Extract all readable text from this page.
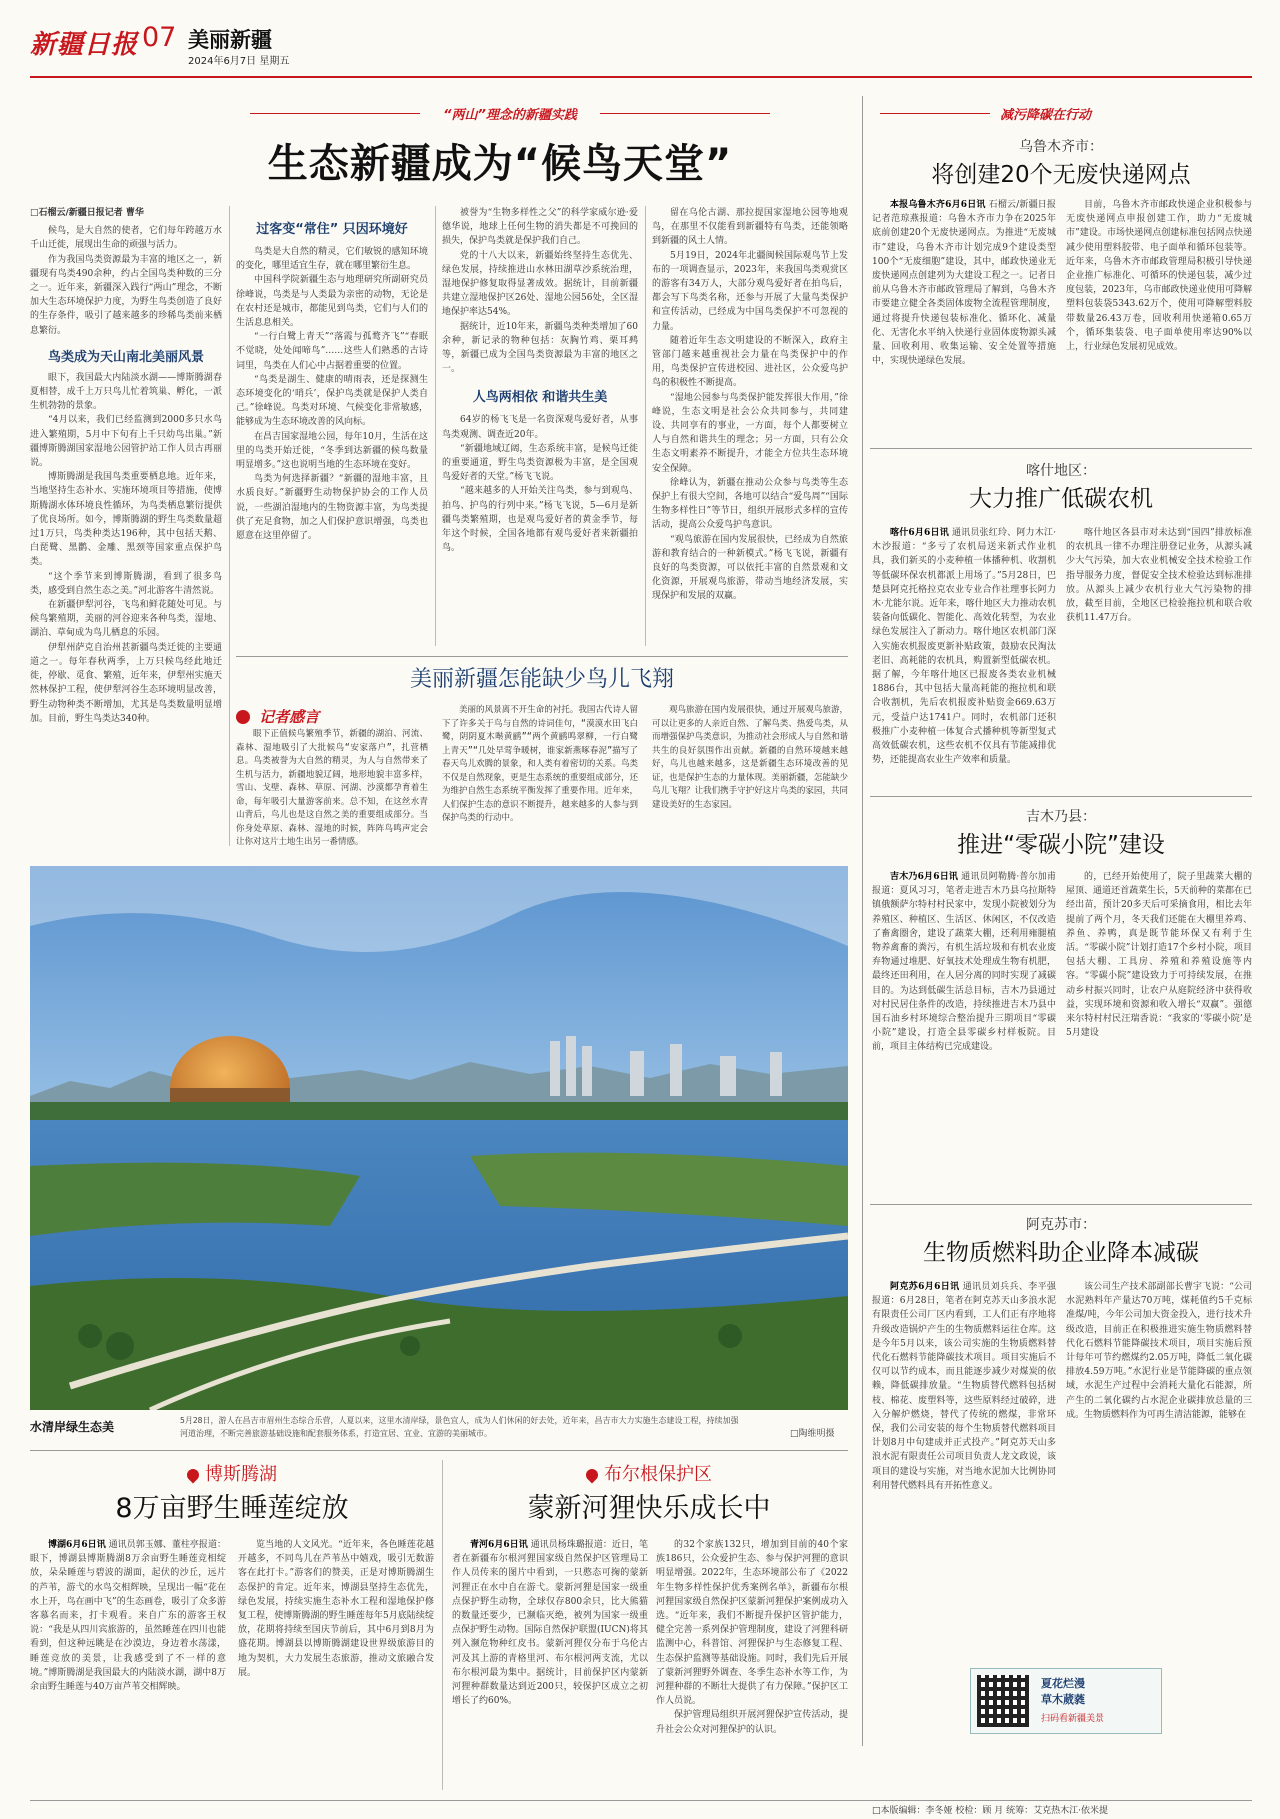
新疆日报 07 美丽新疆
2024年6月7日 星期五
“两山”理念的新疆实践
生态新疆成为“候鸟天堂”
□石榴云/新疆日报记者 曹华

候鸟，是大自然的使者，它们每年跨越万水千山迁徙，展现出生命的顽强与活力。

作为我国鸟类资源最为丰富的地区之一，新疆现有鸟类490余种，约占全国鸟类种数的三分之一。近年来，新疆深入践行“两山”理念，不断加大生态环境保护力度，为野生鸟类创造了良好的生存条件，吸引了越来越多的珍稀鸟类前来栖息繁衍。

鸟类成为天山南北美丽风景

眼下，我国最大内陆淡水湖——博斯腾湖春夏相替，成千上万只鸟儿忙着筑巢、孵化，一派生机勃勃的景象。

“4月以来，我们已经监测到2000多只水鸟进入繁殖期，5月中下旬有上千只幼鸟出巢。”新疆博斯腾湖国家湿地公园管护站工作人员古再丽说。

博斯腾湖是我国鸟类重要栖息地。近年来，当地坚持生态补水、实施环境项目等措施，使博斯腾湖水体环境良性循环，为鸟类栖息繁衍提供了优良场所。如今，博斯腾湖的野生鸟类数量超过1万只，鸟类种类达196种，其中包括天鹅、白琵鹭、黑鹳、金雕、黑颈等国家重点保护鸟类。

“这个季节来到博斯腾湖，看到了很多鸟类，感受到自然生态之美。”河北游客牛清然说。

在新疆伊犁河谷，飞鸟和鲜花随处可见。与候鸟繁殖期，美丽的河谷迎来各种鸟类，湿地、湖泊、草甸成为鸟儿栖息的乐园。

伊犁州萨克自治州甚新疆鸟类迁徙的主要通道之一。每年春秋两季，上万只候鸟经此地迁徙，停歇、觅食、繁殖，近年来，伊犁州实施天然林保护工程，使伊犁河谷生态环境明显改善，野生动物种类不断增加，尤其是鸟类数量明显增加。目前，野生鸟类达340种。

过客变“常住” 只因环境好

鸟类是大自然的精灵，它们敏锐的感知环境的变化，哪里适宜生存，就在哪里繁衍生息。

中国科学院新疆生态与地理研究所副研究员徐峰说，鸟类是与人类最为亲密的动物，无论是在农村还是城市，都能见到鸟类，它们与人们的生活息息相关。

“一行白鹭上青天”“落霞与孤鹜齐飞”“春眠不觉晓，处处闻啼鸟”……这些人们熟悉的古诗词里，鸟类在人们心中占据着重要的位置。

“鸟类是湖生、健康的晴雨表，还是探测生态环境变化的‘哨兵’，保护鸟类就是保护人类自己。”徐峰说。鸟类对环境、气候变化非常敏感，能够成为生态环境改善的风向标。

在昌吉国家湿地公园，每年10月，生活在这里的鸟类开始迁徙，“冬季到达新疆的候鸟数量明显增多。”这也说明当地的生态环境在变好。

鸟类为何选择新疆？“新疆的湿地丰富，且水质良好。”新疆野生动物保护协会的工作人员说，一些湖泊湿地内的生物资源丰富，为鸟类提供了充足食物，加之人们保护意识增强，鸟类也愿意在这里停留了。

被誉为“生物多样性之父”的科学家威尔逊·爱德华说，地球上任何生物的消失都是不可挽回的损失，保护鸟类就是保护我们自己。

党的十八大以来，新疆始终坚持生态优先、绿色发展，持续推进山水林田湖草沙系统治理，湿地保护修复取得显著成效。据统计，目前新疆共建立湿地保护区26处、湿地公园56处，全区湿地保护率达54%。

据统计，近10年来，新疆鸟类种类增加了60余种，新记录的物种包括：灰胸竹鸡、栗耳鹀等，新疆已成为全国鸟类资源最为丰富的地区之一。

人鸟两相依 和谐共生美

64岁的杨飞飞是一名资深观鸟爱好者，从事鸟类观测、调查近20年。

“新疆地域辽阔，生态系统丰富，是候鸟迁徙的重要通道，野生鸟类资源极为丰富，是全国观鸟爱好者的天堂。”杨飞飞说。

“越来越多的人开始关注鸟类，参与到观鸟、拍鸟、护鸟的行列中来。”杨飞飞说，5—6月是新疆鸟类繁殖期，也是观鸟爱好者的黄金季节，每年这个时候，全国各地都有观鸟爱好者来新疆拍鸟。

留在乌伦古湖、那拉提国家湿地公园等地观鸟，在那里不仅能看到新疆特有鸟类，还能领略到新疆的风土人情。

5月19日，2024年北疆闽候国际观鸟节上发布的一项调查显示，2023年，来我国鸟类观赏区的游客有34万人，大部分观鸟爱好者在拍鸟后，都会写下鸟类名称，还参与开展了大量鸟类保护和宣传活动，已经成为中国鸟类保护不可忽视的力量。

随着近年生态文明建设的不断深入，政府主管部门越来越重视社会力量在鸟类保护中的作用，鸟类保护宣传进校园、进社区，公众爱鸟护鸟的积极性不断提高。

“湿地公园参与鸟类保护能发挥很大作用，”徐峰说，生态文明是社会公众共同参与，共同建设、共同享有的事业，一方面，每个人都要树立人与自然和谐共生的理念；另一方面，只有公众生态文明素养不断提升，才能全方位共生态环境安全保障。

徐峰认为，新疆在推动公众参与鸟类等生态保护上有很大空间，各地可以结合“爱鸟周”“国际生物多样性日”等节日，组织开展形式多样的宣传活动，提高公众爱鸟护鸟意识。

“观鸟旅游在国内发展很快，已经成为自然旅游和教育结合的一种新模式。”杨飞飞说，新疆有良好的鸟类资源，可以依托丰富的自然景观和文化资源，开展观鸟旅游，带动当地经济发展，实现保护和发展的双赢。

美丽新疆怎能缺少鸟儿飞翔
记者感言

眼下正值候鸟繁殖季节，新疆的湖泊、河流、森林、湿地吸引了大批候鸟“安家落户”，扎营栖息。鸟类被誉为大自然的精灵，为人与自然带来了生机与活力，新疆地貌辽阔，地形地貌丰富多样，雪山、戈壁、森林、草原、河湖、沙漠都孕育着生命，每年吸引大量游客前来。总不知，在这丝水青山背后，鸟儿也是这自然之美的重要组成部分。当你身处草原、森林、湿地的时候，阵阵鸟鸣声定会让你对这片土地生出另一番情感。

美丽的风景离不开生命的衬托。我国古代诗人留下了许多关于鸟与自然的诗词佳句，“漠漠水田飞白鹭，阴阴夏木啭黄鹂”“两个黄鹂鸣翠柳，一行白鹭上青天”“几处早莺争暖树，谁家新燕啄春泥”描写了春天鸟儿欢腾的景象，和人类有着密切的关系。鸟类不仅是自然现象，更是生态系统的重要组成部分，还为维护自然生态系统平衡发挥了重要作用。近年来，人们保护生态的意识不断提升，越来越多的人参与到保护鸟类的行动中。

观鸟旅游在国内发展很快，通过开展观鸟旅游，可以让更多的人亲近自然、了解鸟类、热爱鸟类，从而增强保护鸟类意识，为推动社会形成人与自然和谐共生的良好氛围作出贡献。新疆的自然环境越来越好，鸟儿也越来越多，这是新疆生态环境改善的见证，也是保护生态的力量体现。美丽新疆，怎能缺少鸟儿飞翔？让我们携手守护好这片鸟类的家园，共同建设美好的生态家园。

减污降碳在行动
乌鲁木齐市：
将创建20个无废快递网点

本报乌鲁木齐6月6日讯 石榴云/新疆日报记者范琼燕报道：乌鲁木齐市力争在2025年底前创建20个无废快递网点。为推进“无废城市”建设，乌鲁木齐市计划完成9个建设类型100个“无废细胞”建设，其中，邮政快递业无废快递网点创建列为大建设工程之一。记者日前从乌鲁木齐市邮政管理局了解到，乌鲁木齐市要建立健全各类固体废物全流程管理制度，通过将提升快递包装标准化、循环化、减量化、无害化水平纳入快递行业固体废物源头减量、回收利用、收集运输、安全处置等措施中，实现快递绿色发展。

目前，乌鲁木齐市邮政快递企业积极参与无废快递网点申报创建工作，助力“无废城市”建设。市场快递网点创建标准包括网点快递减少使用塑料胶带、电子面单和循环包装等。近年来，乌鲁木齐市邮政管理局积极引导快递企业推广标准化、可循环的快递包装，减少过度包装，2023年，乌市邮政快递业使用可降解塑料包装袋5343.62万个，使用可降解塑料胶带数量26.43万卷，回收利用快递箱0.65万个，循环集装袋、电子面单使用率达90%以上，行业绿色发展初见成效。

喀什地区：
大力推广低碳农机

喀什6月6日讯 通讯员张红玲、阿力木江·木沙报道：“多亏了农机局送来新式作业机具，我们新买的小麦种植一体播种机、收割机等低碳环保农机都派上用场了。”5月28日，巴楚县阿克托格拉克农业专业合作社理事长阿力木·尤能尔说。近年来，喀什地区大力推动农机装备向低碳化、智能化、高效化转型，为农业绿色发展注入了新动力。喀什地区农机部门深入实施农机报废更新补贴政策，鼓励农民淘汰老旧、高耗能的农机具，购置新型低碳农机。据了解，今年喀什地区已报废各类农业机械1886台，其中包括大量高耗能的拖拉机和联合收割机，先后农机报废补贴资金669.63万元，受益户达1741户。同时，农机部门还积极推广小麦种植一体复合式播种机等新型复式高效低碳农机，这些农机不仅具有节能减排优势，还能提高农业生产效率和质量。

喀什地区各县市对未达到“国四”排放标准的农机具一律不办理注册登记业务，从源头减少大气污染，加大农业机械安全技术检验工作指导服务力度，督促安全技术检验达到标准排放。从源头上减少农机行业大气污染物的排放，截至目前，全地区已检验拖拉机和联合收获机11.47万台。

吉木乃县：
推进“零碳小院”建设

吉木乃6月6日讯 通讯员阿勒腾·普尔加甫报道：夏风习习，笔者走进吉木乃县乌拉斯特镇俄额萨尔特村村民家中，发现小院被划分为养殖区、种植区、生活区、休闲区，不仅改造了畜禽圈舍，建设了蔬菜大棚，还利用雍腿植物养禽畜的粪污，有机生活垃圾和有机农业废弃物通过堆肥、好氧技术处理成生物有机肥，最终还田利用，在人居分离的同时实现了减碳目的。为达到低碳生活总目标，吉木乃县通过对村民居住条件的改造，持续推进吉木乃县中国石油乡村环境综合整治提升三期项目“零碳小院”建设，打造全县零碳乡村样板院。目前，项目主体结构已完成建设。

的，已经开始使用了，院子里蔬菜大棚的屋顶、通道还首蔬菜生长，5天前种的菜都在已经出苗，预计20多天后可采摘食用，相比去年提前了两个月，冬天我们还能在大棚里养鸡、养鱼、养鸭，真是既节能环保又有利于生活。“零碳小院”计划打造17个乡村小院，项目包括大棚、工具房、养殖和养殖设施等内容。“零碳小院”建设致力于可持续发展，在推动乡村振兴同时，让农户从庭院经济中获得收益，实现环境和资源和收入增长“双赢”。强德来尔特村村民汪瑞香说：“我家的‘零碳小院’是5月建设

阿克苏市：
生物质燃料助企业降本减碳

阿克苏6月6日讯 通讯员刘兵兵、李平强报道：6月28日，笔者在阿克苏天山多浪水泥有限责任公司厂区内看到，工人们正有序地将升级改造锅炉产生的生物质燃料运往仓库。这是今年5月以来，该公司实施的生物质燃料替代化石燃料节能降碳技术项目。项目实施后不仅可以节约成本，而且能逐步减少对煤炭的依赖，降低碳排放量。“生物质替代燃料包括树枝、棉花、废塑料等，这些原料经过破碎，进入分解炉燃烧，替代了传统的燃煤，非常环保，我们公司安装的每个生物质替代燃料项目计划8月中旬建成并正式投产。”阿克苏天山多浪水泥有限责任公司项目负责人龙文政说，该项目的建设与实施，对当地水泥加大比例协同利用替代燃料具有开拓性意义。

该公司生产技术部副部长曹宇飞说：“公司水泥熟料年产量达70万吨，煤耗值约5千克标准煤/吨，今年公司加大资金投入，进行技术升级改造，目前正在积极推进实施生物质燃料替代化石燃料节能降碳技术项目，项目实施后预计每年可节约燃煤约2.05万吨，降低二氧化碳排放4.59万吨。”水泥行业是节能降碳的重点领域，水泥生产过程中会消耗大量化石能源，所产生的二氧化碳约占水泥企业碳排放总量的三成。生物质燃料作为可再生清洁能源，能够在

水清岸绿生态美	5月28日，游人在昌吉市眉州生态综合乐营，人夏以来，这里水清岸绿，景色宜人，成为人们休闲的好去处，近年来，昌吉市大力实施生态建设工程，持续加强河道治理，不断完善旅游基础设施和配套服务体系，打造宜居、宜业、宜游的美丽城市。	□陶维明摄
博斯腾湖
8万亩野生睡莲绽放

博湖6月6日讯 通讯员郭玉娜、董柱亭报道：眼下，博湖县博斯腾湖8万余亩野生睡莲竞相绽放，朵朵睡莲与碧波的湖面，起伏的沙丘，远片的芦苇，游弋的水鸟交相辉映，呈现出一幅“花在水上开，鸟在画中飞”的生态画卷，吸引了众多游客慕名而来，打卡观看。来自广东的游客王权说：“我是从四川宾旅游的，虽然睡莲在四川也能看到，但这种远眺是在沙漠边，身边着水荡漾，睡莲竞放的美景，让我感受到了不一样的意境。”博斯腾湖是我国最大的内陆淡水湖，湖中8万余亩野生睡莲与40万亩芦苇交相辉映。

览当地的人文风光。“近年来，各色睡莲花越开越多，不同鸟儿在芦苇丛中嬉戏，吸引无数游客在此打卡。”游客们的赞美，正是对博斯腾湖生态保护的肯定。近年来，博湖县坚持生态优先，绿色发展，持续实施生态补水工程和湿地保护修复工程，使博斯腾湖的野生睡莲每年5月底陆续绽放，花期将持续至国庆节前后，其中6月到8月为盛花期。博湖县以博斯腾湖建设世界级旅游目的地为契机，大力发展生态旅游，推动文旅融合发展。

布尔根保护区
蒙新河狸快乐成长中

青河6月6日讯 通讯员杨珠璐报道：近日，笔者在新疆布尔根河狸国家级自然保护区管理局工作人员传来的图片中看到，一只憨态可掬的蒙新河狸正在水中自在游弋。蒙新河狸是国家一级重点保护野生动物，全球仅存800余只，比大熊猫的数量还要少，已濒临灭绝，被列为国家一级重点保护野生动物。国际自然保护联盟(IUCN)将其列入濒危物种红皮书。蒙新河狸仅分布于乌伦古河及其上游的青格里河、布尔根河两支流，尤以布尔根河最为集中。据统计，目前保护区内蒙新河狸种群数量达到近200只，较保护区成立之初增长了约60%。

的32个家族132只，增加到目前的40个家族186只，公众爱护生态、参与保护河狸的意识明显增强。2022年，生态环境部公布了《2022年生物多样性保护优秀案例名单》，新疆布尔根河狸国家级自然保护区蒙新河狸保护案例成功入选。“近年来，我们不断提升保护区管护能力，健全完善一系列保护管理制度，建设了河狸科研监测中心，科普馆、河狸保护与生态修复工程、生态保护监测等基础设施。同时，我们先后开展了蒙新河狸野外调查、冬季生态补水等工作，为河狸种群的不断壮大提供了有力保障。”保护区工作人员说。

保护管理局组织开展河狸保护宣传活动，提升社会公众对河狸保护的认识。

夏花烂漫
草木葳蕤
扫码看新疆美景
□本版编辑：李冬娅 校检：顾 月 统筹：艾克热木江·依米提
